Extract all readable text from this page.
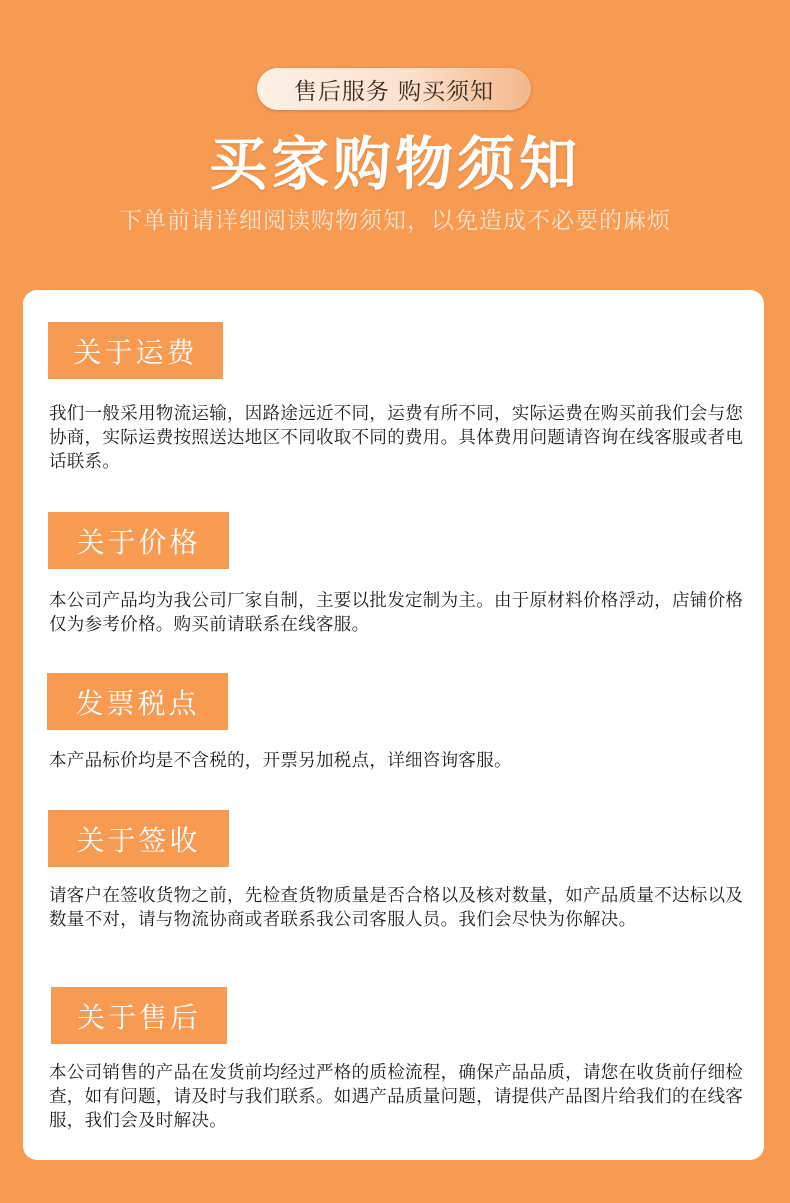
售后服务 购买须知
买家购物须知
下单前请详细阅读购物须知，以免造成不必要的麻烦
关于运费
我们一般采用物流运输，因路途远近不同，运费有所不同，实际运费在购买前我们会与您协商，实际运费按照送达地区不同收取不同的费用。具体费用问题请咨询在线客服或者电话联系。
关于价格
本公司产品均为我公司厂家自制，主要以批发定制为主。由于原材料价格浮动，店铺价格仅为参考价格。购买前请联系在线客服。
发票税点
本产品标价均是不含税的，开票另加税点，详细咨询客服。
关于签收
请客户在签收货物之前，先检查货物质量是否合格以及核对数量，如产品质量不达标以及数量不对，请与物流协商或者联系我公司客服人员。我们会尽快为你解决。
关于售后
本公司销售的产品在发货前均经过严格的质检流程，确保产品品质，请您在收货前仔细检查，如有问题，请及时与我们联系。如遇产品质量问题，请提供产品图片给我们的在线客服，我们会及时解决。
